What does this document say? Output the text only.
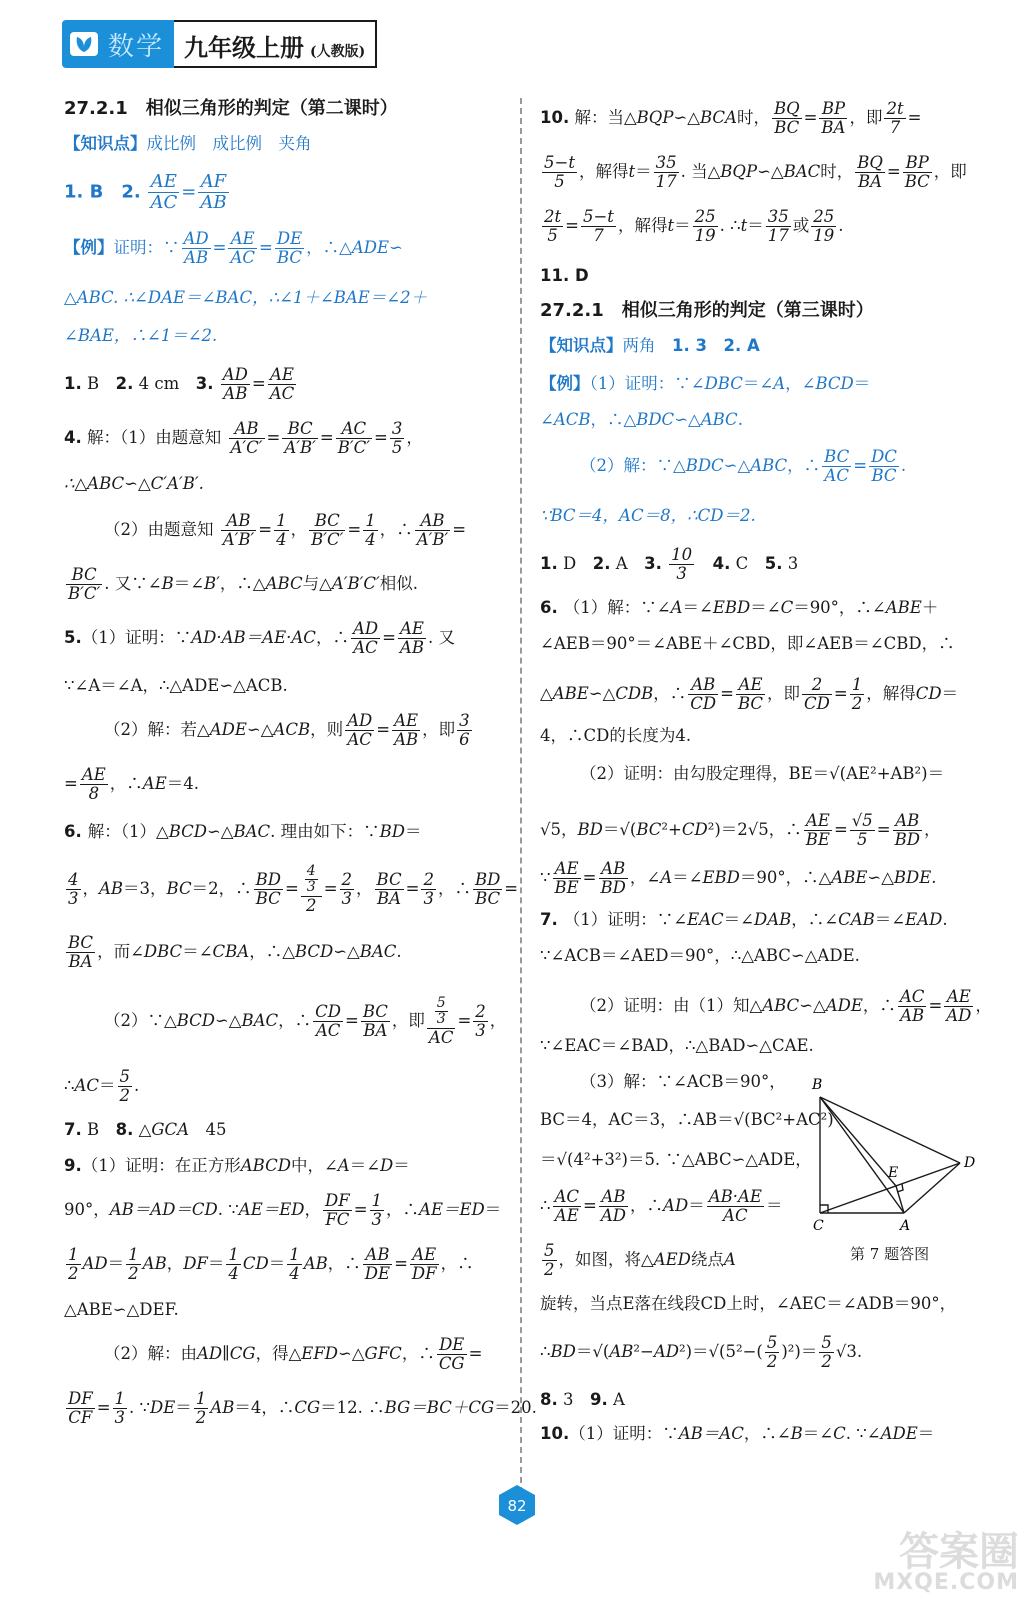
数学 九年级上册 (人教版)
27.2.1　相似三角形的判定（第二课时）
【知识点】成比例　成比例　夹角
1. B　2. $\frac{AE}{AC} = \frac{AF}{AB}$
【例】证明：∵ $\frac{AD}{AB} = \frac{AE}{AC} = \frac{DE}{BC}$ ，∴△ADE∽
△ABC. ∴∠DAE＝∠BAC，∴∠1＋∠BAE＝∠2＋
∠BAE，∴∠1＝∠2.
1. B　2. 4 cm　3. $\frac{AD}{AB} = \frac{AE}{AC}$
4. 解：（1）由题意知 $\frac{AB}{A'C'} = \frac{BC}{A'B'} = \frac{AC}{B'C'} = \frac{3}{5}$ ，
∴△ABC∽△C′A′B′.
（2）由题意知 $\frac{AB}{A'B'} = \frac{1}{4}$ ， $\frac{BC}{B'C'} = \frac{1}{4}$ ，∴ $\frac{AB}{A'B'}$ =
$\frac{BC}{B'C'}$ . 又∵∠B＝∠B′，∴△ABC与△A′B′C′相似.
5.（1）证明：∵AD·AB＝AE·AC，∴ $\frac{AD}{AC} = \frac{AE}{AB}$ . 又
∵∠A＝∠A，∴△ADE∽△ACB.
（2）解：若△ADE∽△ACB，则 $\frac{AD}{AC} = \frac{AE}{AB}$ ，即 $\frac{3}{6}$
= $\frac{AE}{8}$ ，∴AE＝4.
6. 解：（1）△BCD∽△BAC. 理由如下：∵BD＝
$\frac{4}{3}$ ，AB＝3，BC＝2，∴ $\frac{BD}{BC} = \frac{\frac{4}{3}}{2} = \frac{2}{3}$ ， $\frac{BC}{BA} = \frac{2}{3}$ ，∴ $\frac{BD}{BC}$ =
$\frac{BC}{BA}$ ，而∠DBC＝∠CBA，∴△BCD∽△BAC.
（2）∵△BCD∽△BAC，∴ $\frac{CD}{AC} = \frac{BC}{BA}$ ，即 $\frac{\frac{5}{3}}{AC} = \frac{2}{3}$ ，
∴AC＝ $\frac{5}{2}$ .
7. B　8. △GCA　45
9.（1）证明：在正方形ABCD中，∠A＝∠D＝
90°，AB＝AD＝CD. ∵AE＝ED， $\frac{DF}{FC} = \frac{1}{3}$ ，∴AE＝ED＝
$\frac{1}{2} AD= \frac{1}{2}$ AB，$DF= \frac{1}{4} CD= \frac{1}{4}$ AB，∴ $\frac{AB}{DE} = \frac{AE}{DF}$ ，∴
△ABE∽△DEF.
（2）解：由AD∥CG，得△EFD∽△GFC，∴ $\frac{DE}{CG}$ =
$\frac{DF}{CF} = \frac{1}{3}$ . ∵DE＝ $\frac{1}{2} AB=4$，∴CG＝12. ∴BG＝BC＋CG＝20.
10. 解：当△BQP∽△BCA时， $\frac{BQ}{BC} = \frac{BP}{BA}$ ，即 $\frac{2t}{7}$ =
$\frac{5-t}{5}$ ，解得$t= \frac{35}{17}$ . 当△BQP∽△BAC时， $\frac{BQ}{BA} = \frac{BP}{BC}$ ，即
$\frac{2t}{5} = \frac{5-t}{7}$ ，解得$t= \frac{25}{19}$ . ∴t＝ $\frac{35}{17}$ 或 $\frac{25}{19}$ .
11. D
27.2.1　相似三角形的判定（第三课时）
【知识点】两角　1. 3　2. A
【例】（1）证明：∵∠DBC＝∠A，∠BCD＝
∠ACB，∴△BDC∽△ABC.
（2）解：∵△BDC∽△ABC，∴ $\frac{BC}{AC} = \frac{DC}{BC}$ .
∵BC＝4，AC＝8，∴CD＝2.
1. D　2. A　3. $\frac{10}{3}$
　 4. C　5. 3
6. （1）解：∵∠A＝∠EBD＝∠C＝90°，∴∠ABE＋
∠AEB＝90°＝∠ABE＋∠CBD，即∠AEB＝∠CBD，∴
△ABE∽△CDB，∴ $\frac{AB}{CD} = \frac{AE}{BC}$ ，即 $\frac{2}{CD} = \frac{1}{2}$ ，解得CD＝
4，∴CD的长度为4.
（2）证明：由勾股定理得，BE＝√(AE²+AB²)＝
√5，BD＝√(BC²+CD²)＝2√5，∴ $\frac{AE}{BE} = \frac{√5}{5} = \frac{AB}{BD}$ ，
∵ $\frac{AE}{BE} = \frac{AB}{BD}$ ，∠A＝∠EBD＝90°，∴△ABE∽△BDE.
7. （1）证明：∵∠EAC＝∠DAB，∴∠CAB＝∠EAD.
∵∠ACB＝∠AED＝90°，∴△ABC∽△ADE.
（2）证明：由（1）知△ABC∽△ADE，∴ $\frac{AC}{AB} = \frac{AE}{AD}$ ，
∵∠EAC＝∠BAD，∴△BAD∽△CAE.
（3）解：∵∠ACB＝90°，
BC＝4，AC＝3，∴AB＝√(BC²+AC²)
＝√(4²+3²)＝5. ∵△ABC∽△ADE，
∴ $\frac{AC}{AE} = \frac{AB}{AD}$ ，∴AD＝ $\frac{AB\cdot AE}{AC}$ ＝
$\frac{5}{2}$ ，如图，将△AED绕点A
旋转，当点E落在线段CD上时，∠AEC＝∠ADB＝90°，
∴BD＝√(AB²−AD²)＝√(5²−( $\frac{5}{2} )^2)= \frac{5}{2} √3$.
8. 3　9. A
10.（1）证明：∵AB＝AC，∴∠B＝∠C. ∵∠ADE＝
B
D
E
C	A
第 7 题答图
82
答案圈
MXQE.COM
